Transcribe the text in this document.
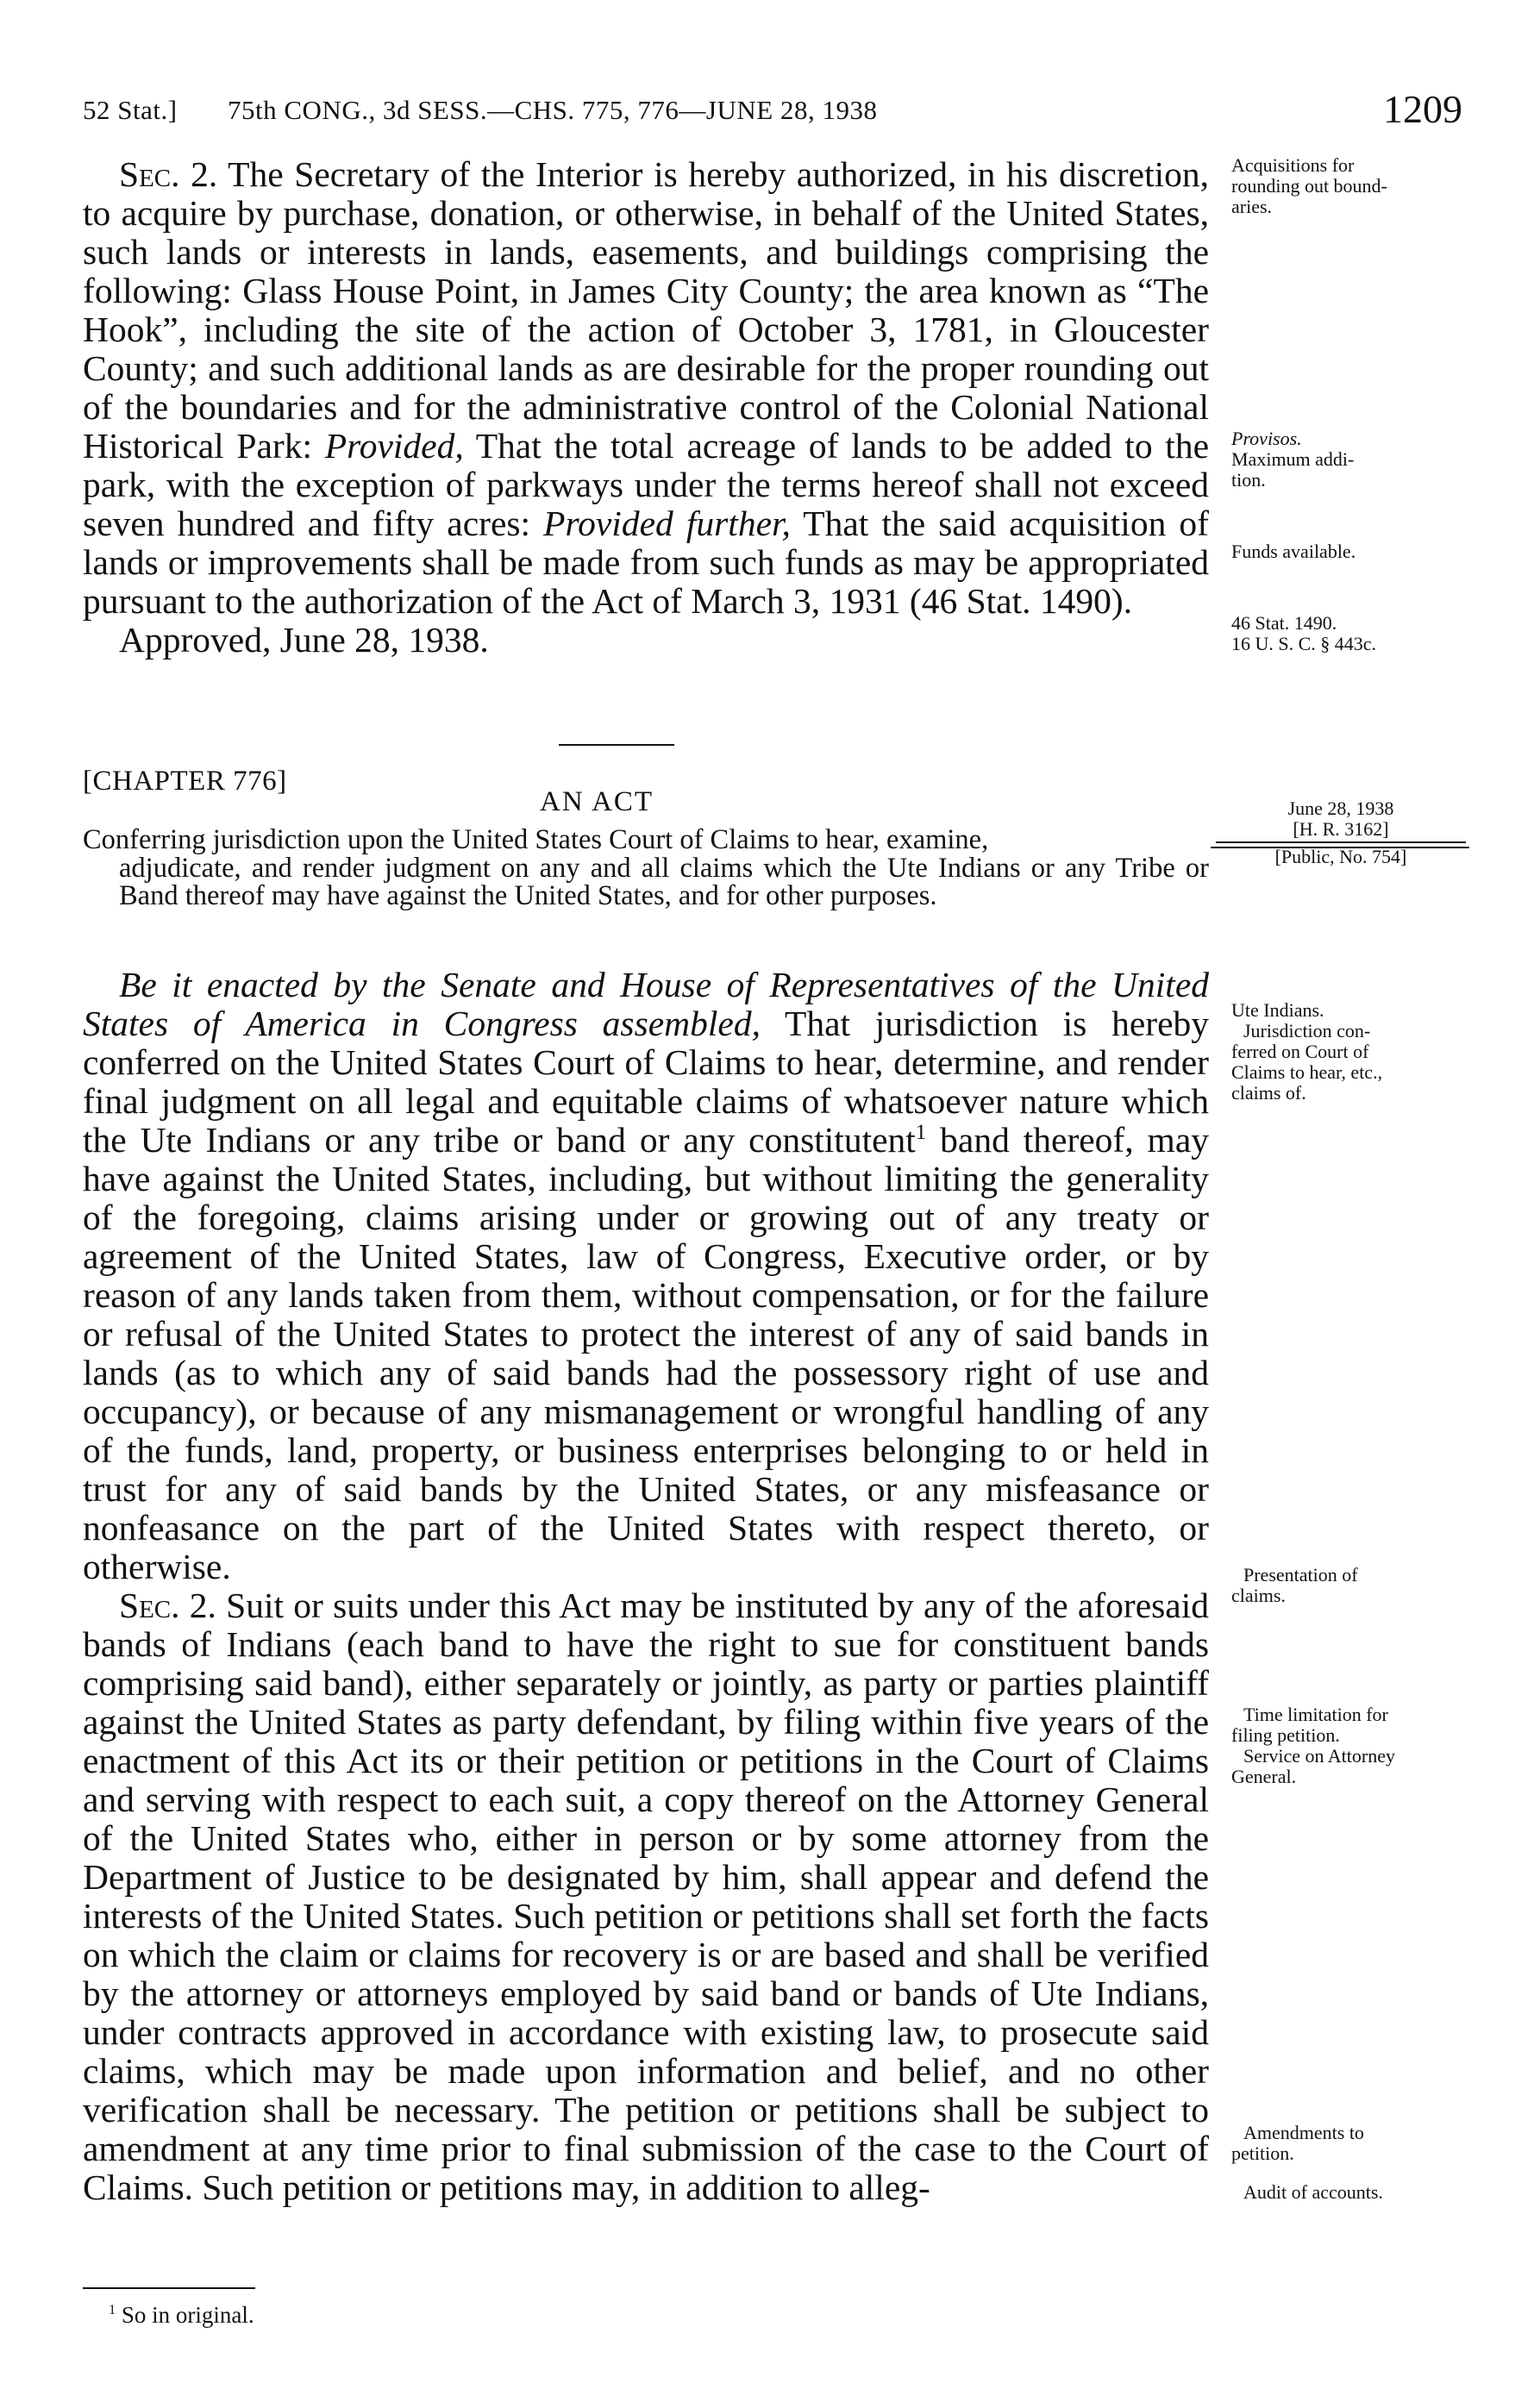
52 Stat.] 75th CONG., 3d SESS.—CHS. 775, 776—JUNE 28, 1938	1209

Sec. 2. The Secretary of the Interior is hereby authorized, in his discretion, to acquire by purchase, donation, or otherwise, in behalf of the United States, such lands or interests in lands, easements, and buildings comprising the following: Glass House Point, in James City County; the area known as “The Hook”, including the site of the action of October 3, 1781, in Gloucester County; and such additional lands as are desirable for the proper rounding out of the boundaries and for the administrative control of the Colonial National Historical Park: Provided, That the total acreage of lands to be added to the park, with the exception of parkways under the terms hereof shall not exceed seven hundred and fifty acres: Provided further, That the said acquisition of lands or improvements shall be made from such funds as may be appropriated pursuant to the authorization of the Act of March 3, 1931 (46 Stat. 1490).

Approved, June 28, 1938.

[CHAPTER 776]
AN ACT
Conferring jurisdiction upon the United States Court of Claims to hear, examine,
adjudicate, and render judgment on any and all claims which the Ute Indians or any Tribe or Band thereof may have against the United States, and for other purposes.
June 28, 1938
[H. R. 3162]
[Public, No. 754]

Be it enacted by the Senate and House of Representatives of the United States of America in Congress assembled, That jurisdiction is hereby conferred on the United States Court of Claims to hear, determine, and render final judgment on all legal and equitable claims of whatsoever nature which the Ute Indians or any tribe or band or any constitutent$^1$ band thereof, may have against the United States, including, but without limiting the generality of the foregoing, claims arising under or growing out of any treaty or agreement of the United States, law of Congress, Executive order, or by reason of any lands taken from them, without compensation, or for the failure or refusal of the United States to protect the interest of any of said bands in lands (as to which any of said bands had the possessory right of use and occupancy), or because of any mismanagement or wrongful handling of any of the funds, land, property, or business enterprises belonging to or held in trust for any of said bands by the United States, or any misfeasance or nonfeasance on the part of the United States with respect thereto, or otherwise.

Sec. 2. Suit or suits under this Act may be instituted by any of the aforesaid bands of Indians (each band to have the right to sue for constituent bands comprising said band), either separately or jointly, as party or parties plaintiff against the United States as party defendant, by filing within five years of the enactment of this Act its or their petition or petitions in the Court of Claims and serving with respect to each suit, a copy thereof on the Attorney General of the United States who, either in person or by some attorney from the Department of Justice to be designated by him, shall appear and defend the interests of the United States. Such petition or petitions shall set forth the facts on which the claim or claims for recovery is or are based and shall be verified by the attorney or attorneys employed by said band or bands of Ute Indians, under contracts approved in accordance with existing law, to prosecute said claims, which may be made upon information and belief, and no other verification shall be necessary. The petition or petitions shall be subject to amendment at any time prior to final submission of the case to the Court of Claims. Such petition or petitions may, in addition to alleg-

Acquisitions for
rounding out bound-
aries.
Provisos.
Maximum addi-
tion.
Funds available.
46 Stat. 1490.
16 U. S. C. § 443c.
Ute Indians.
Jurisdiction con-
ferred on Court of
Claims to hear, etc.,
claims of.
Presentation of
claims.
Time limitation for
filing petition.
Service on Attorney
General.
Amendments to
petition.
Audit of accounts.
$^1$ So in original.
